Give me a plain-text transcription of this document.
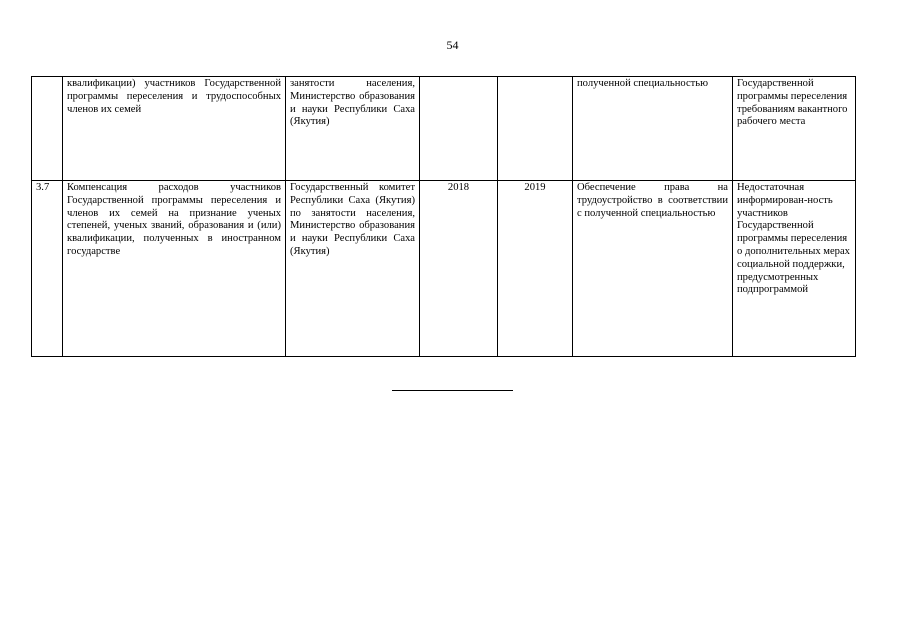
54
	квалификации) участников Государственной программы переселения и трудоспособных членов их семей	занятости населения, Министерство образования и науки Республики Саха (Якутия)			полученной специальностью	Государственной программы переселения требованиям вакантного рабочего места
3.7	Компенсация расходов участников Государственной программы переселения и членов их семей на признание ученых степеней, ученых званий, образования и (или) квалификации, полученных в иностранном государстве	Государственный комитет Республики Саха (Якутия) по занятости населения, Министерство образования и науки Республики Саха (Якутия)	2018	2019	Обеспечение права на трудоустройство в соответствии с полученной специальностью	Недостаточная информирован-ность участников Государственной программы переселения о дополнительных мерах социальной поддержки, предусмотренных подпрограммой
